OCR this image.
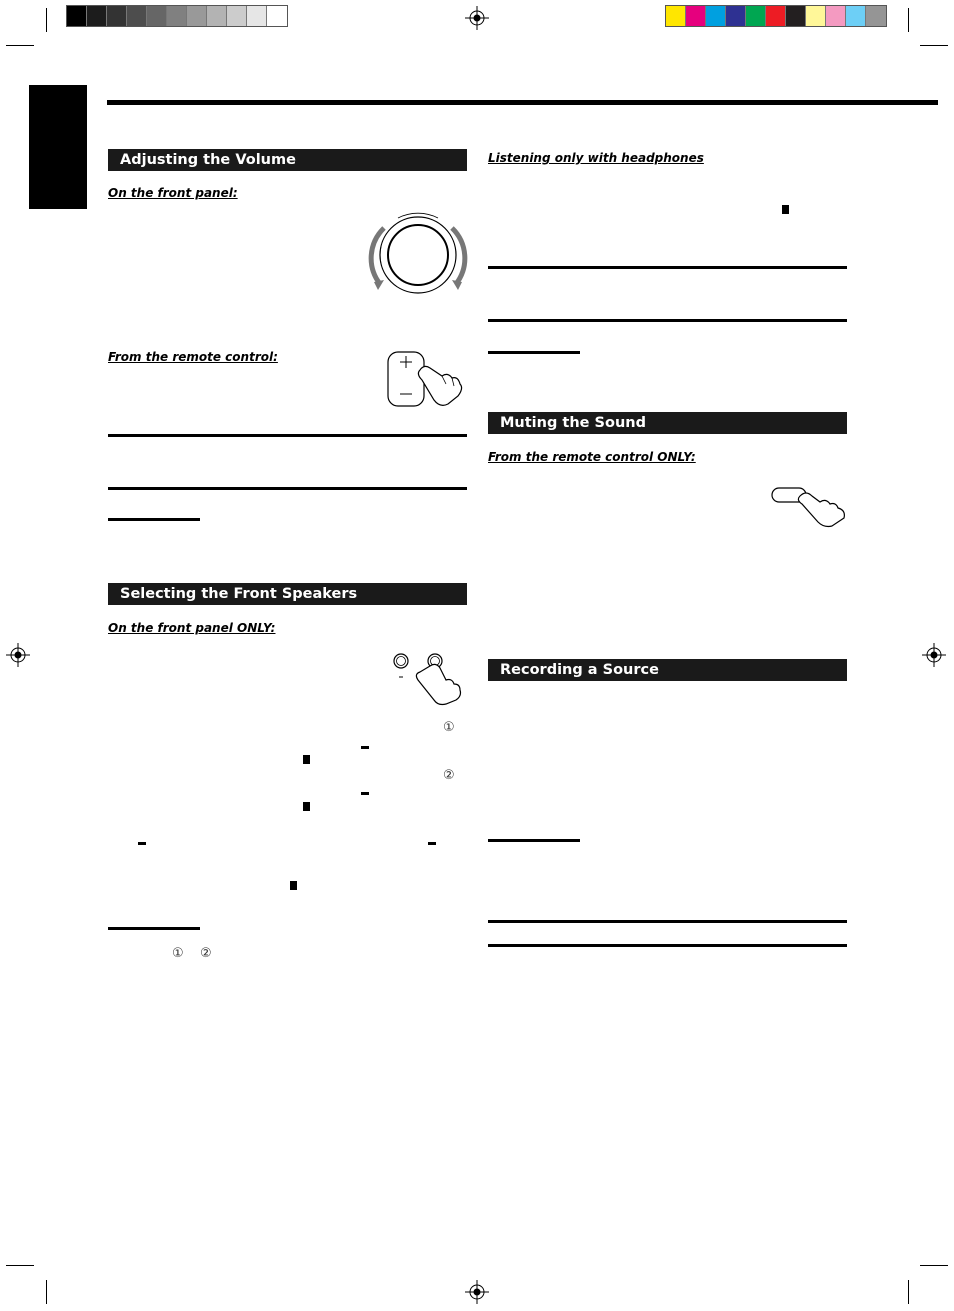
Adjusting the Volume
On the front panel:
From the remote control:
Selecting the Front Speakers
On the front panel ONLY:
①
②
① ②
Listening only with headphones
Muting the Sound
From the remote control ONLY:
Recording a Source
